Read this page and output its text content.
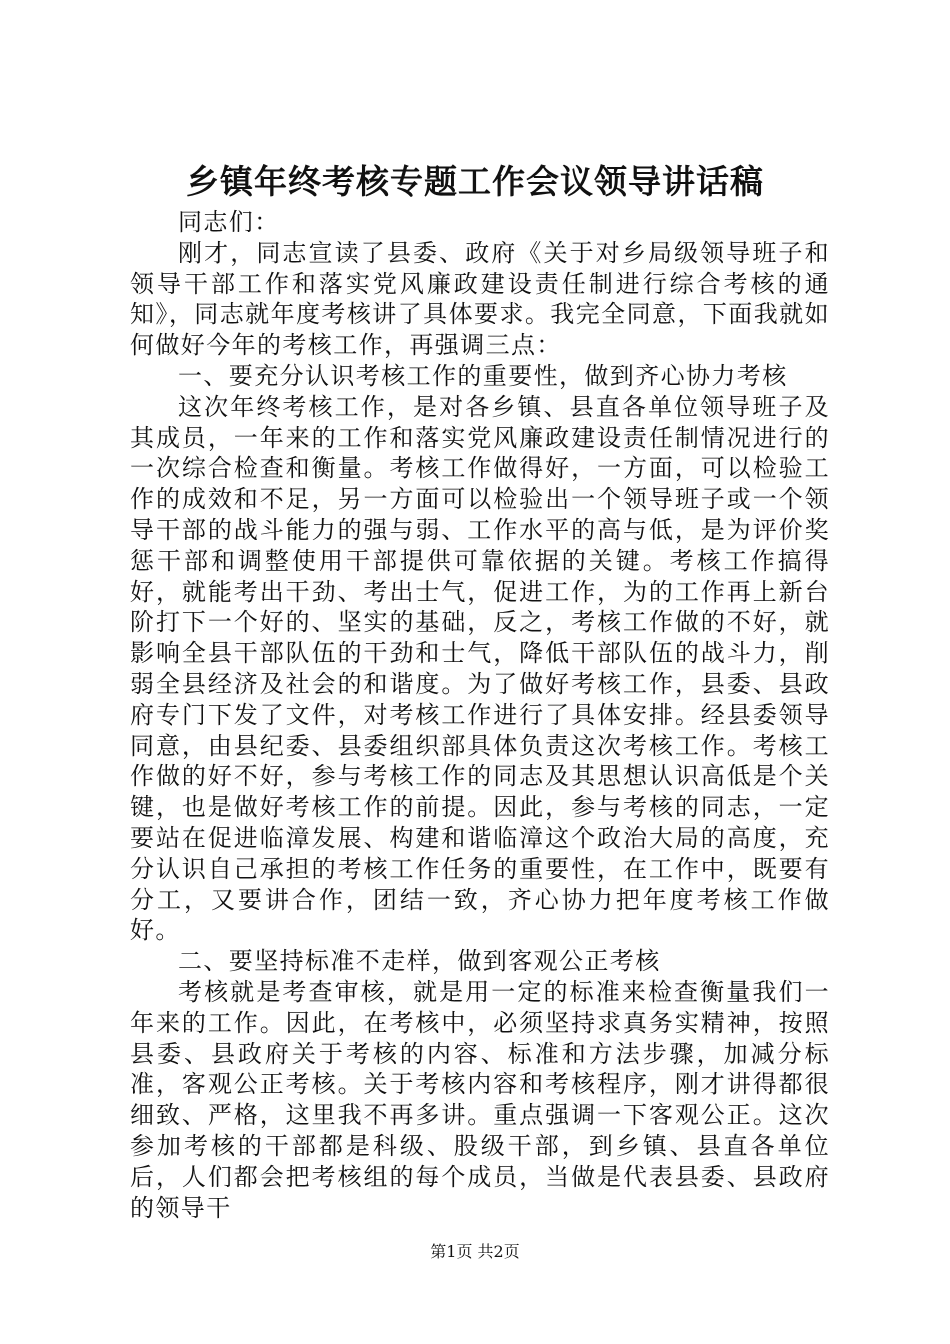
乡镇年终考核专题工作会议领导讲话稿

同志们：

刚才，同志宣读了县委、政府《关于对乡局级领导班子和领导干部工作和落实党风廉政建设责任制进行综合考核的通知》，同志就年度考核讲了具体要求。我完全同意，下面我就如何做好今年的考核工作，再强调三点：

一、要充分认识考核工作的重要性，做到齐心协力考核

这次年终考核工作，是对各乡镇、县直各单位领导班子及其成员，一年来的工作和落实党风廉政建设责任制情况进行的一次综合检查和衡量。考核工作做得好，一方面，可以检验工作的成效和不足，另一方面可以检验出一个领导班子或一个领导干部的战斗能力的强与弱、工作水平的高与低，是为评价奖惩干部和调整使用干部提供可靠依据的关键。考核工作搞得好，就能考出干劲、考出士气，促进工作，为的工作再上新台阶打下一个好的、坚实的基础，反之，考核工作做的不好，就影响全县干部队伍的干劲和士气，降低干部队伍的战斗力，削弱全县经济及社会的和谐度。为了做好考核工作，县委、县政府专门下发了文件，对考核工作进行了具体安排。经县委领导同意，由县纪委、县委组织部具体负责这次考核工作。考核工作做的好不好，参与考核工作的同志及其思想认识高低是个关键，也是做好考核工作的前提。因此，参与考核的同志，一定要站在促进临漳发展、构建和谐临漳这个政治大局的高度，充分认识自己承担的考核工作任务的重要性，在工作中，既要有分工，又要讲合作，团结一致，齐心协力把年度考核工作做好。

二、要坚持标准不走样，做到客观公正考核

考核就是考查审核，就是用一定的标准来检查衡量我们一年来的工作。因此，在考核中，必须坚持求真务实精神，按照县委、县政府关于考核的内容、标准和方法步骤，加减分标准，客观公正考核。关于考核内容和考核程序，刚才讲得都很细致、严格，这里我不再多讲。重点强调一下客观公正。这次参加考核的干部都是科级、股级干部，到乡镇、县直各单位后，人们都会把考核组的每个成员，当做是代表县委、县政府的领导干

第1页 共2页
